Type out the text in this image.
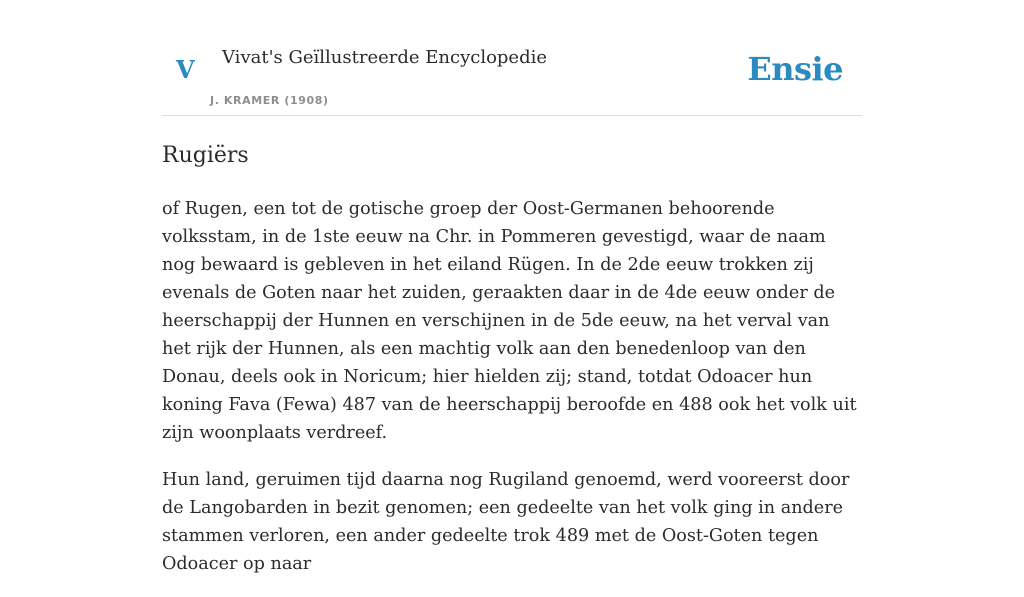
V Vivat's Geïllustreerde Encyclopedie
J. KRAMER (1908)
Ensie
Rugiërs

of Rugen, een tot de gotische groep der Oost-Germanen behoorende volksstam, in de 1ste eeuw na Chr. in Pommeren gevestigd, waar de naam nog bewaard is gebleven in het eiland Rügen. In de 2de eeuw trokken zij evenals de Goten naar het zuiden, geraakten daar in de 4de eeuw onder de heerschappij der Hunnen en verschijnen in de 5de eeuw, na het verval van het rijk der Hunnen, als een machtig volk aan den benedenloop van den Donau, deels ook in Noricum; hier hielden zij; stand, totdat Odoacer hun koning Fava (Fewa) 487 van de heerschappij beroofde en 488 ook het volk uit zijn woonplaats verdreef.

Hun land, geruimen tijd daarna nog Rugiland genoemd, werd vooreerst door de Langobarden in bezit genomen; een gedeelte van het volk ging in andere stammen verloren, een ander gedeelte trok 489 met de Oost-Goten tegen Odoacer op naar
